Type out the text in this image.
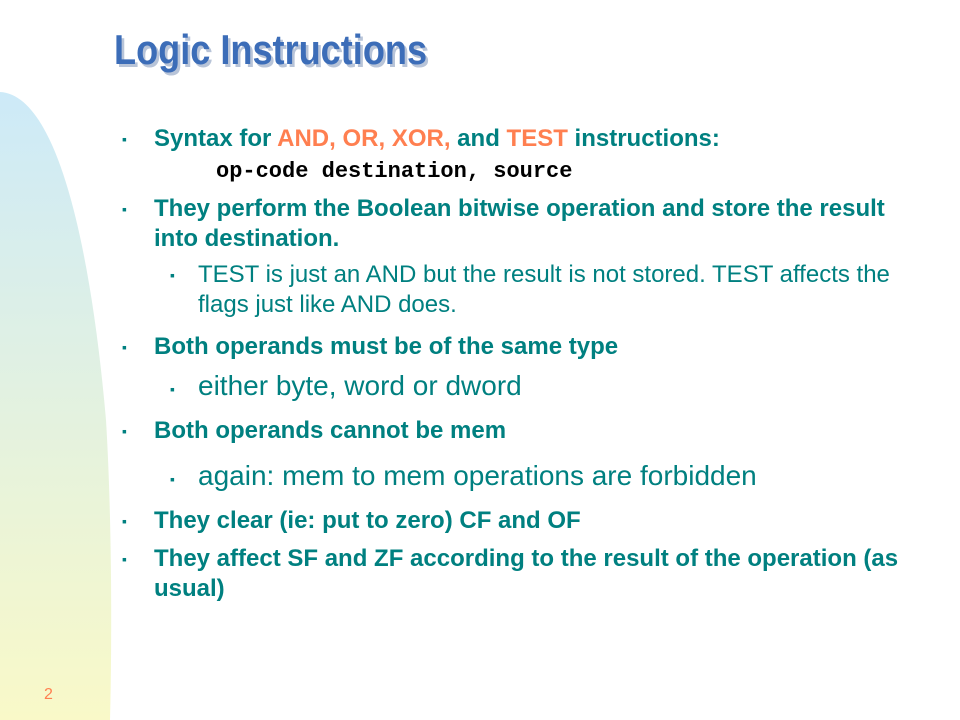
Logic Instructions
▪ Syntax for AND, OR, XOR, and TEST instructions:
op-code destination, source
▪ They perform the Boolean bitwise operation and store the result into destination.
▪ TEST is just an AND but the result is not stored. TEST affects the flags just like AND does.
▪ Both operands must be of the same type
▪ either byte, word or dword
▪ Both operands cannot be mem
▪ again: mem to mem operations are forbidden
▪ They clear (ie: put to zero) CF and OF
▪ They affect SF and ZF according to the result of the operation (as usual)
2
